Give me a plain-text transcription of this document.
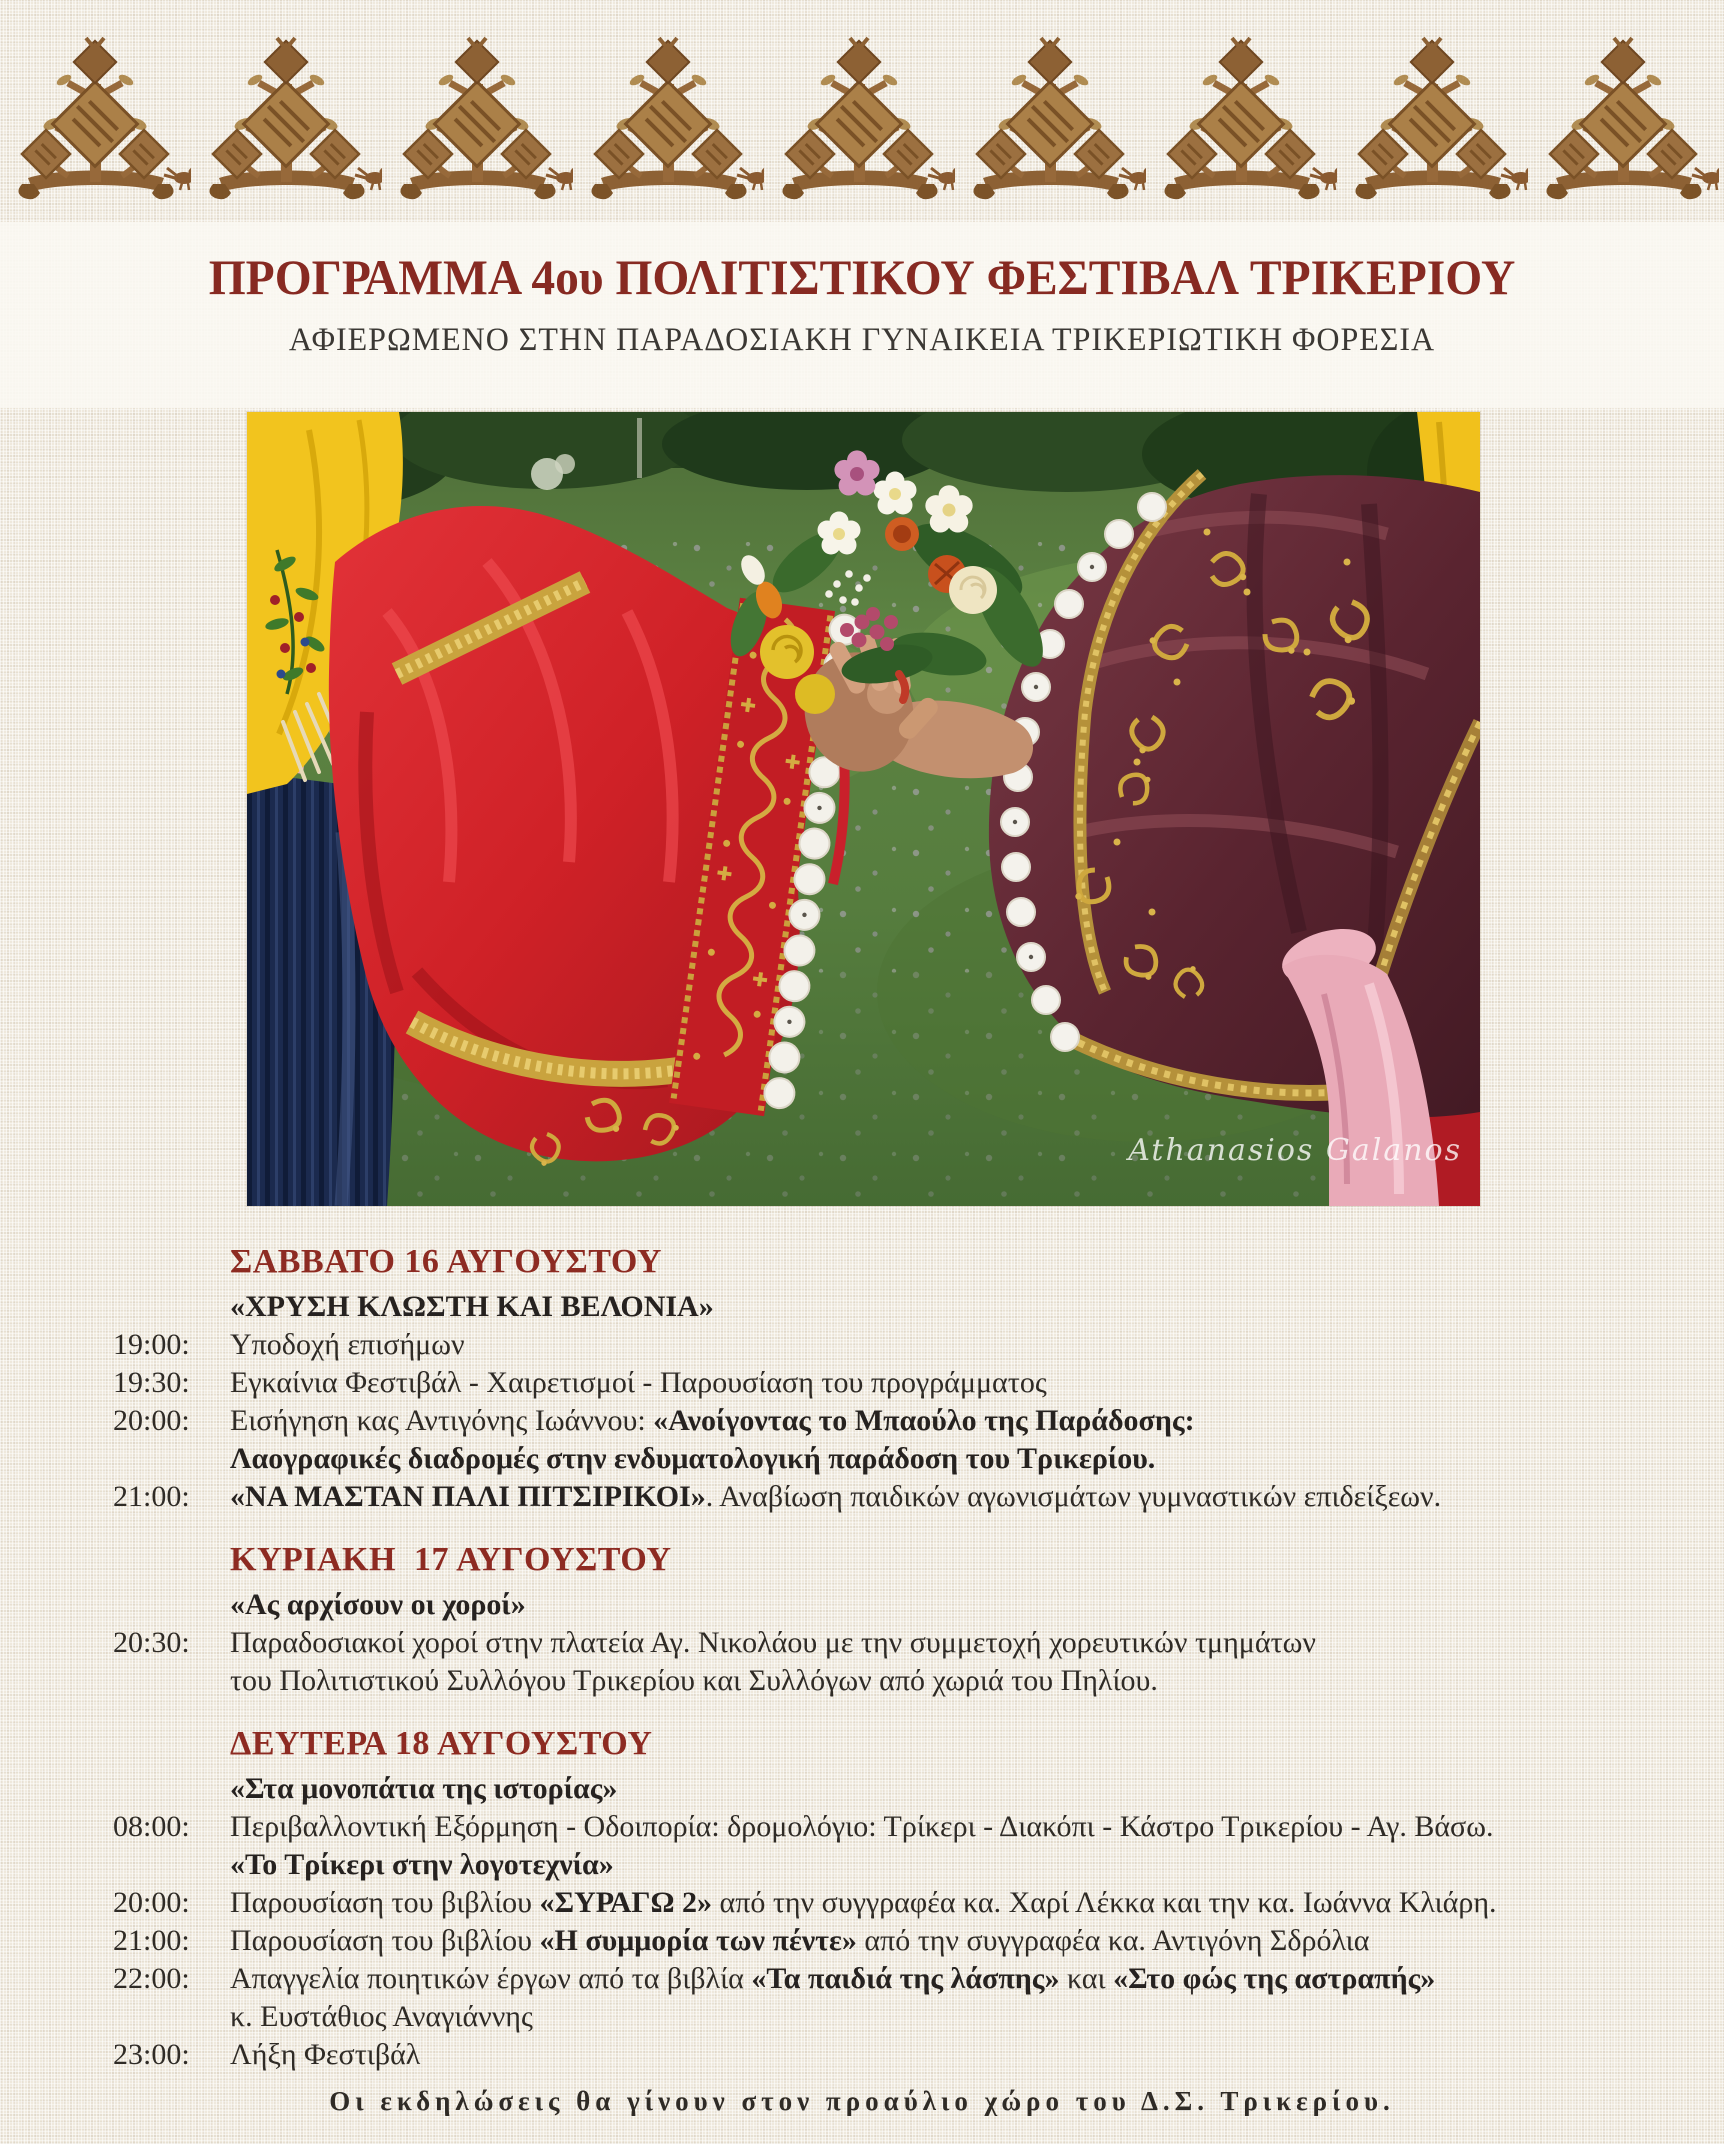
ΠΡΟΓΡΑΜΜΑ 4ου ΠΟΛΙΤΙΣΤΙΚΟΥ ΦΕΣΤΙΒΑΛ ΤΡΙΚΕΡΙΟΥ
ΑΦΙΕΡΩΜΕΝΟ ΣΤΗΝ ΠΑΡΑΔΟΣΙΑΚΗ ΓΥΝΑΙΚΕΙΑ ΤΡΙΚΕΡΙΩΤΙΚΗ ΦΟΡΕΣΙΑ
Athanasios Galanos
ΣΑΒΒΑΤΟ 16 ΑΥΓΟΥΣΤΟΥ
«ΧΡΥΣΗ ΚΛΩΣΤΗ ΚΑΙ ΒΕΛΟΝΙΑ»
19:00:	Υποδοχή επισήμων
19:30:	Εγκαίνια Φεστιβάλ - Χαιρετισμοί - Παρουσίαση του προγράμματος
20:00:	Εισήγηση κας Αντιγόνης Ιωάννου: «Ανοίγοντας το Μπαούλο της Παράδοσης:
Λαογραφικές διαδρομές στην ενδυματολογική παράδοση του Τρικερίου.
21:00:	«ΝΑ ΜΑΣΤΑΝ ΠΑΛΙ ΠΙΤΣΙΡΙΚΟΙ». Αναβίωση παιδικών αγωνισμάτων γυμναστικών επιδείξεων.
ΚΥΡΙΑΚΗ  17 ΑΥΓΟΥΣΤΟΥ
«Ας αρχίσουν οι χοροί»
20:30:	Παραδοσιακοί χοροί στην πλατεία Αγ. Νικολάου με την συμμετοχή χορευτικών τμημάτων
του Πολιτιστικού Συλλόγου Τρικερίου και Συλλόγων από χωριά του Πηλίου.
ΔΕΥΤΕΡΑ 18 ΑΥΓΟΥΣΤΟΥ
«Στα μονοπάτια της ιστορίας»
08:00:	Περιβαλλοντική Εξόρμηση - Οδοιπορία: δρομολόγιο: Τρίκερι - Διακόπι - Κάστρο Τρικερίου - Αγ. Βάσω.
«Το Τρίκερι στην λογοτεχνία»
20:00:	Παρουσίαση του βιβλίου «ΣΥΡΑΓΩ 2» από την συγγραφέα κα. Χαρί Λέκκα και την κα. Ιωάννα Κλιάρη.
21:00:	Παρουσίαση του βιβλίου «Η συμμορία των πέντε» από την συγγραφέα κα. Αντιγόνη Σδρόλια
22:00:	Απαγγελία ποιητικών έργων από τα βιβλία «Τα παιδιά της λάσπης» και «Στο φώς της αστραπής»
κ. Ευστάθιος Αναγιάννης
23:00:	Λήξη Φεστιβάλ
Οι εκδηλώσεις θα γίνουν στον προαύλιο χώρο του Δ.Σ. Τρικερίου.
